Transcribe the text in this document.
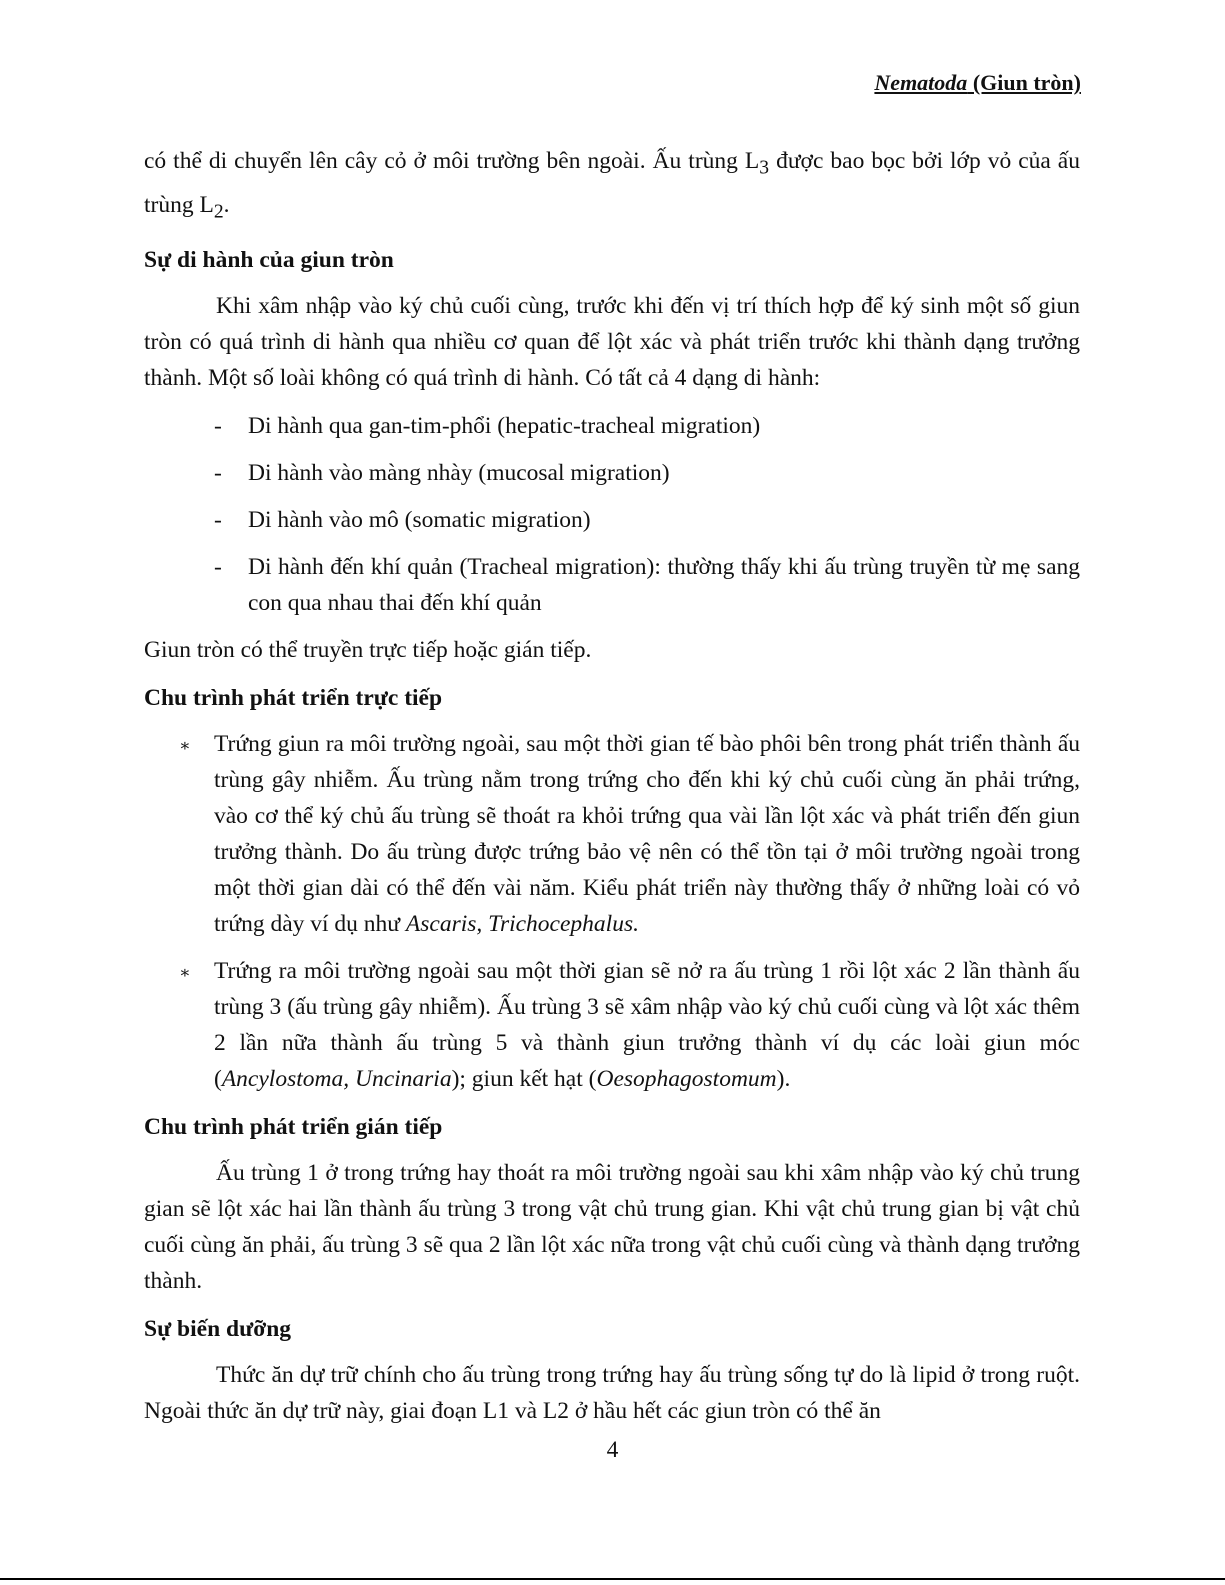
Nematoda (Giun tròn)

có thể di chuyển lên cây cỏ ở môi trường bên ngoài. Ấu trùng $L_3$ được bao bọc bởi lớp vỏ của ấu trùng $L_2$.

Sự di hành của giun tròn

Khi xâm nhập vào ký chủ cuối cùng, trước khi đến vị trí thích hợp để ký sinh một số giun tròn có quá trình di hành qua nhiều cơ quan để lột xác và phát triển trước khi thành dạng trưởng thành. Một số loài không có quá trình di hành. Có tất cả 4 dạng di hành:

- Di hành qua gan-tim-phổi (hepatic-tracheal migration)
- Di hành vào màng nhày (mucosal migration)
- Di hành vào mô (somatic migration)
- Di hành đến khí quản (Tracheal migration): thường thấy khi ấu trùng truyền từ mẹ sang con qua nhau thai đến khí quản

Giun tròn có thể truyền trực tiếp hoặc gián tiếp.

Chu trình phát triển trực tiếp

∗ Trứng giun ra môi trường ngoài, sau một thời gian tế bào phôi bên trong phát triển thành ấu trùng gây nhiễm. Ấu trùng nằm trong trứng cho đến khi ký chủ cuối cùng ăn phải trứng, vào cơ thể ký chủ ấu trùng sẽ thoát ra khỏi trứng qua vài lần lột xác và phát triển đến giun trưởng thành. Do ấu trùng được trứng bảo vệ nên có thể tồn tại ở môi trường ngoài trong một thời gian dài có thể đến vài năm. Kiểu phát triển này thường thấy ở những loài có vỏ trứng dày ví dụ như Ascaris, Trichocephalus.
∗ Trứng ra môi trường ngoài sau một thời gian sẽ nở ra ấu trùng 1 rồi lột xác 2 lần thành ấu trùng 3 (ấu trùng gây nhiễm). Ấu trùng 3 sẽ xâm nhập vào ký chủ cuối cùng và lột xác thêm 2 lần nữa thành ấu trùng 5 và thành giun trưởng thành ví dụ các loài giun móc (Ancylostoma, Uncinaria); giun kết hạt (Oesophagostomum).

Chu trình phát triển gián tiếp

Ấu trùng 1 ở trong trứng hay thoát ra môi trường ngoài sau khi xâm nhập vào ký chủ trung gian sẽ lột xác hai lần thành ấu trùng 3 trong vật chủ trung gian. Khi vật chủ trung gian bị vật chủ cuối cùng ăn phải, ấu trùng 3 sẽ qua 2 lần lột xác nữa trong vật chủ cuối cùng và thành dạng trưởng thành.

Sự biến dưỡng

Thức ăn dự trữ chính cho ấu trùng trong trứng hay ấu trùng sống tự do là lipid ở trong ruột. Ngoài thức ăn dự trữ này, giai đoạn L1 và L2 ở hầu hết các giun tròn có thể ăn

4
